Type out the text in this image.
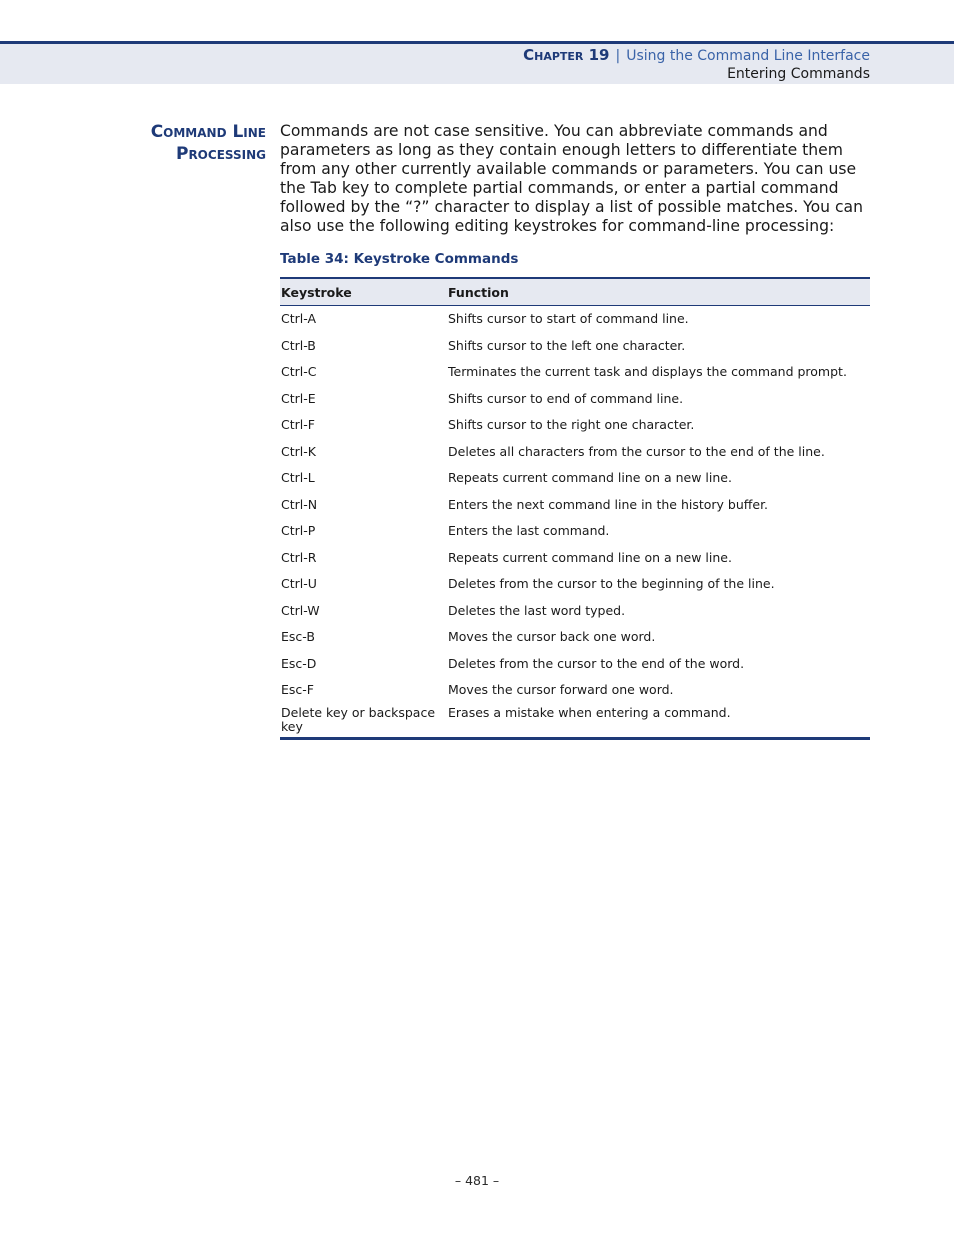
Chapter 19 | Using the Command Line Interface
Entering Commands
Command Line
Processing
Commands are not case sensitive. You can abbreviate commands and parameters as long as they contain enough letters to differentiate them from any other currently available commands or parameters. You can use the Tab key to complete partial commands, or enter a partial command followed by the “?” character to display a list of possible matches. You can also use the following editing keystrokes for command-line processing:
Table 34: Keystroke Commands
Keystroke	Function
Ctrl-A	Shifts cursor to start of command line.
Ctrl-B	Shifts cursor to the left one character.
Ctrl-C	Terminates the current task and displays the command prompt.
Ctrl-E	Shifts cursor to end of command line.
Ctrl-F	Shifts cursor to the right one character.
Ctrl-K	Deletes all characters from the cursor to the end of the line.
Ctrl-L	Repeats current command line on a new line.
Ctrl-N	Enters the next command line in the history buffer.
Ctrl-P	Enters the last command.
Ctrl-R	Repeats current command line on a new line.
Ctrl-U	Deletes from the cursor to the beginning of the line.
Ctrl-W	Deletes the last word typed.
Esc-B	Moves the cursor back one word.
Esc-D	Deletes from the cursor to the end of the word.
Esc-F	Moves the cursor forward one word.
Delete key or backspace key	Erases a mistake when entering a command.
– 481 –
